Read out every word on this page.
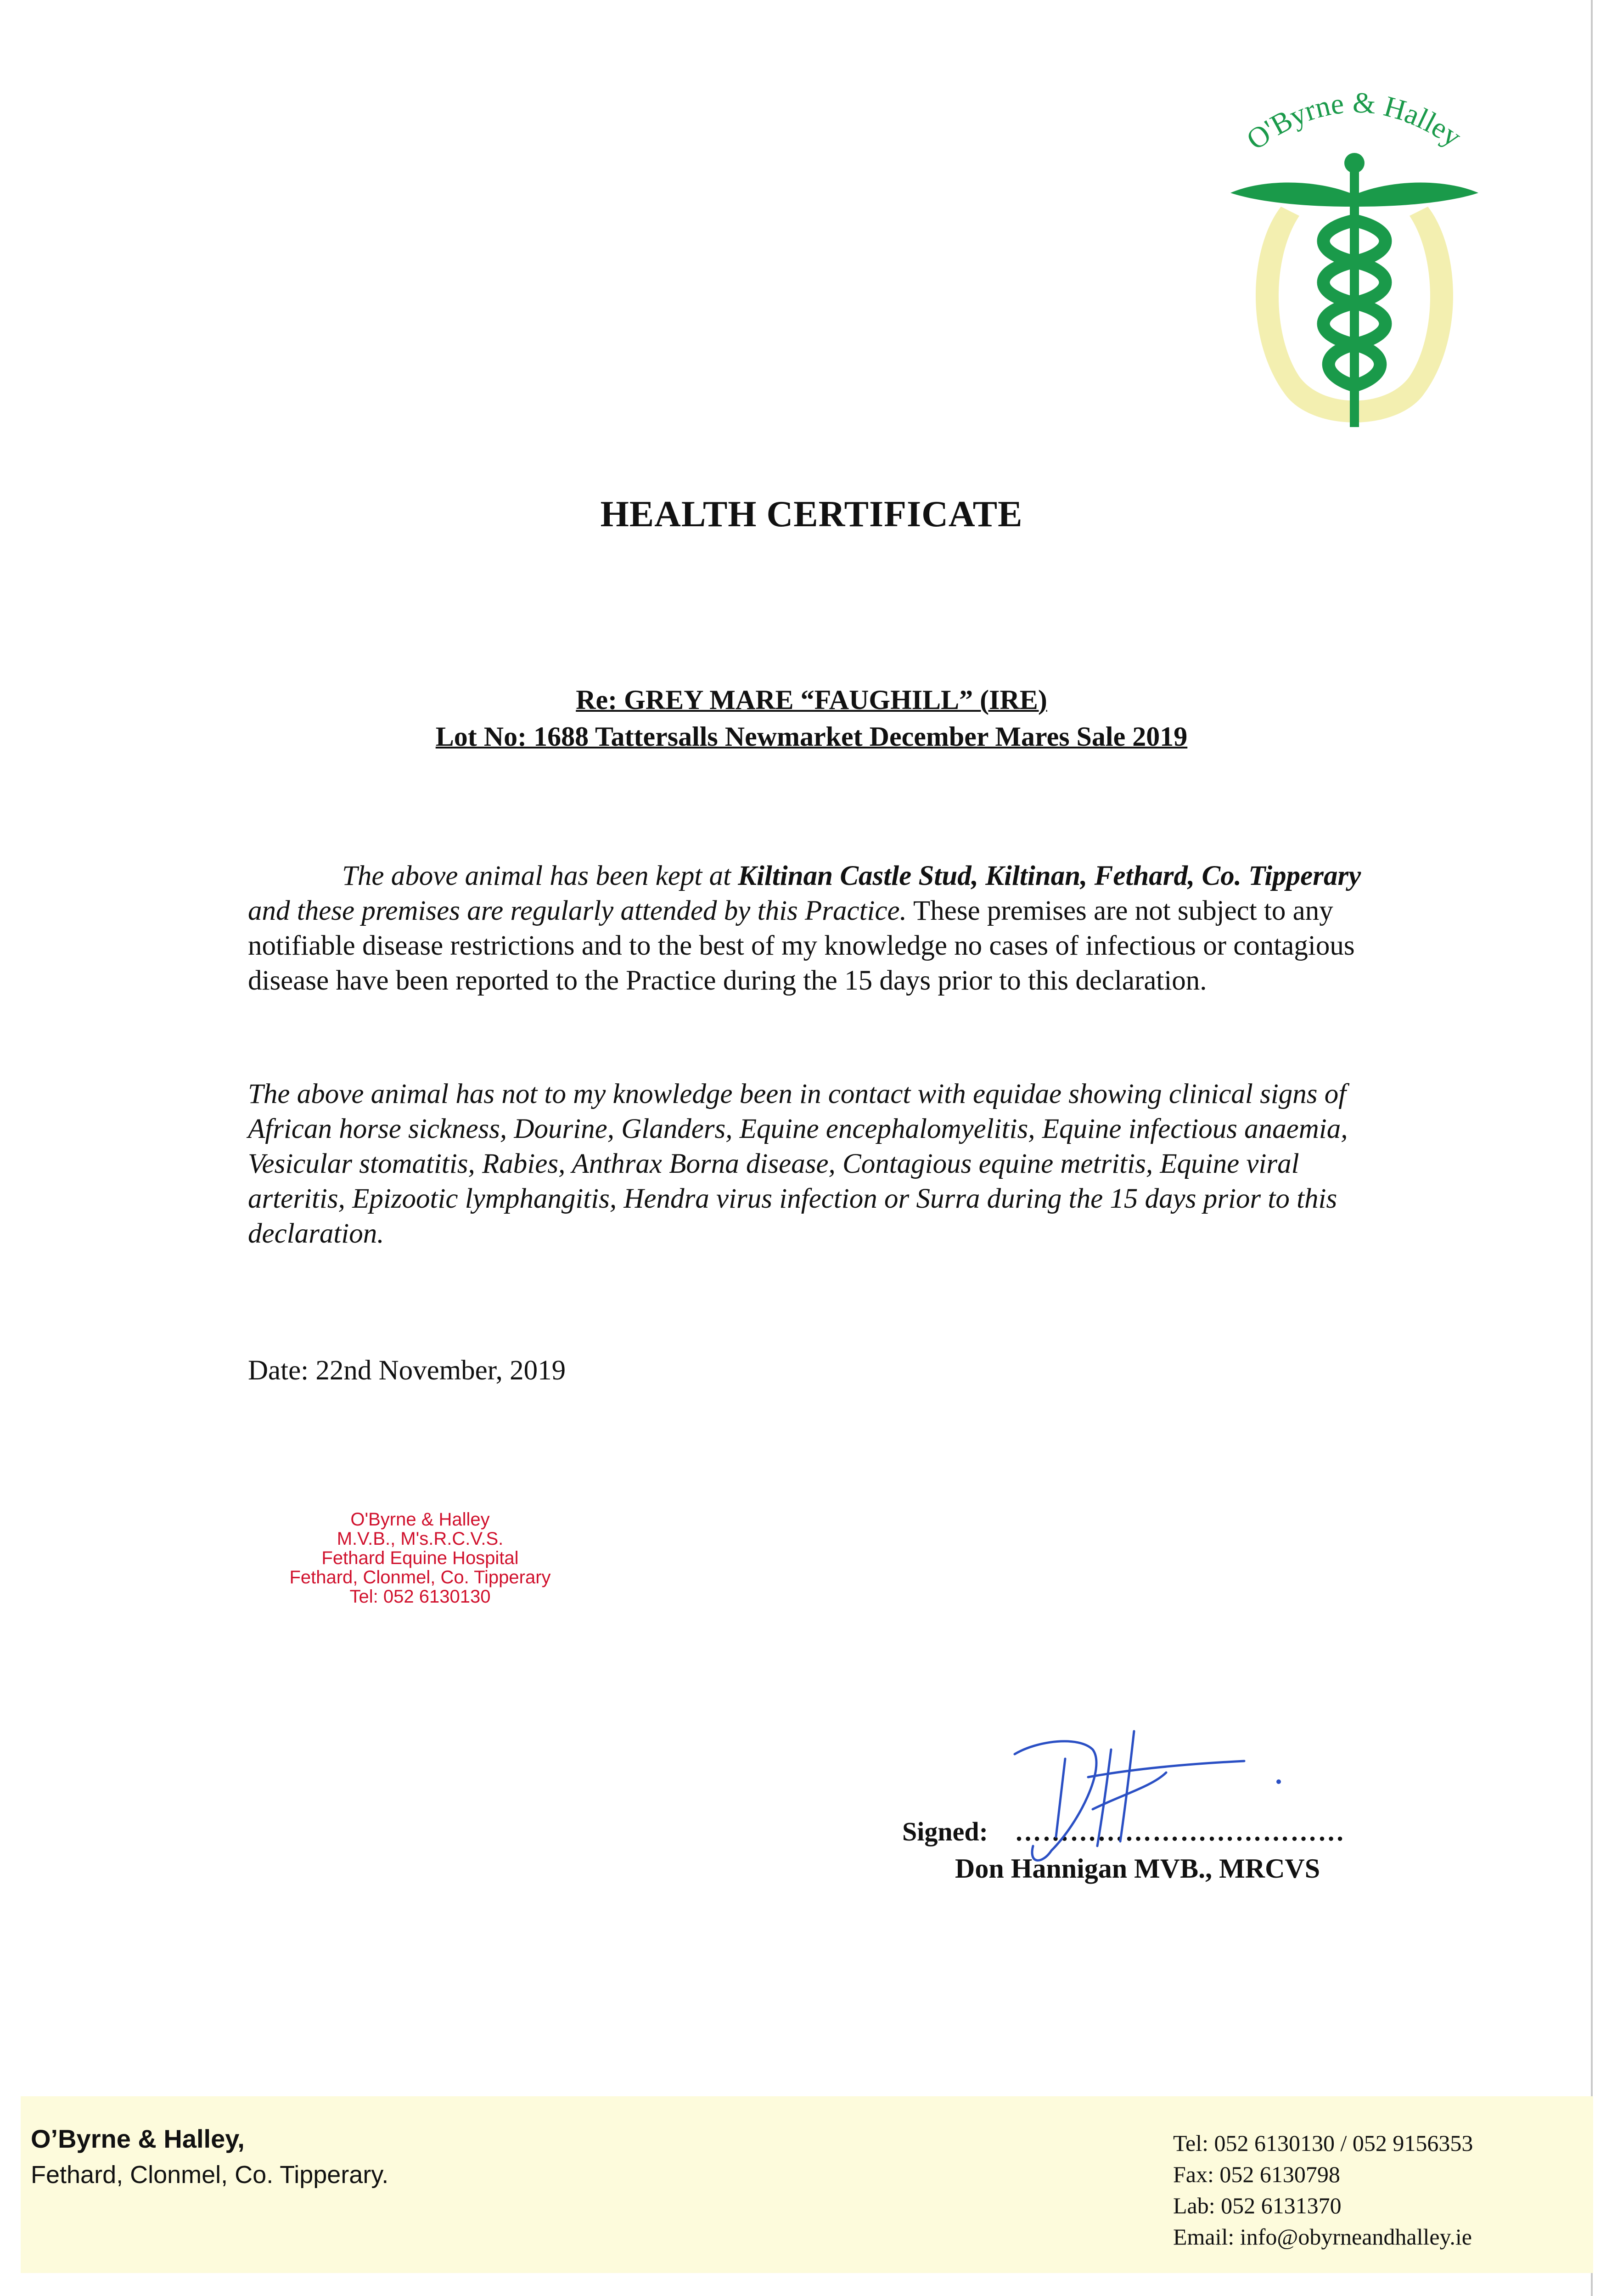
O'Byrne & Halley
HEALTH CERTIFICATE
Re: GREY MARE “FAUGHILL” (IRE)
Lot No: 1688 Tattersalls Newmarket December Mares Sale 2019
The above animal has been kept at Kiltinan Castle Stud, Kiltinan, Fethard, Co. Tipperary and these premises are regularly attended by this Practice. These premises are not subject to any notifiable disease restrictions and to the best of my knowledge no cases of infectious or contagious disease have been reported to the Practice during the 15 days prior to this declaration.
The above animal has not to my knowledge been in contact with equidae showing clinical signs of African horse sickness, Dourine, Glanders, Equine encephalomyelitis, Equine infectious anaemia, Vesicular stomatitis, Rabies, Anthrax Borna disease, Contagious equine metritis, Equine viral arteritis, Epizootic lymphangitis, Hendra virus infection or Surra during the 15 days prior to this declaration.
Date: 22nd November, 2019
O'Byrne & Halley
M.V.B., M's.R.C.V.S.
Fethard Equine Hospital
Fethard, Clonmel, Co. Tipperary
Tel: 052 6130130
Signed: ………………………………
Don Hannigan MVB., MRCVS
O’Byrne & Halley,
Fethard, Clonmel, Co. Tipperary.
Tel: 052 6130130 / 052 9156353
Fax: 052 6130798
Lab: 052 6131370
Email: info@obyrneandhalley.ie
